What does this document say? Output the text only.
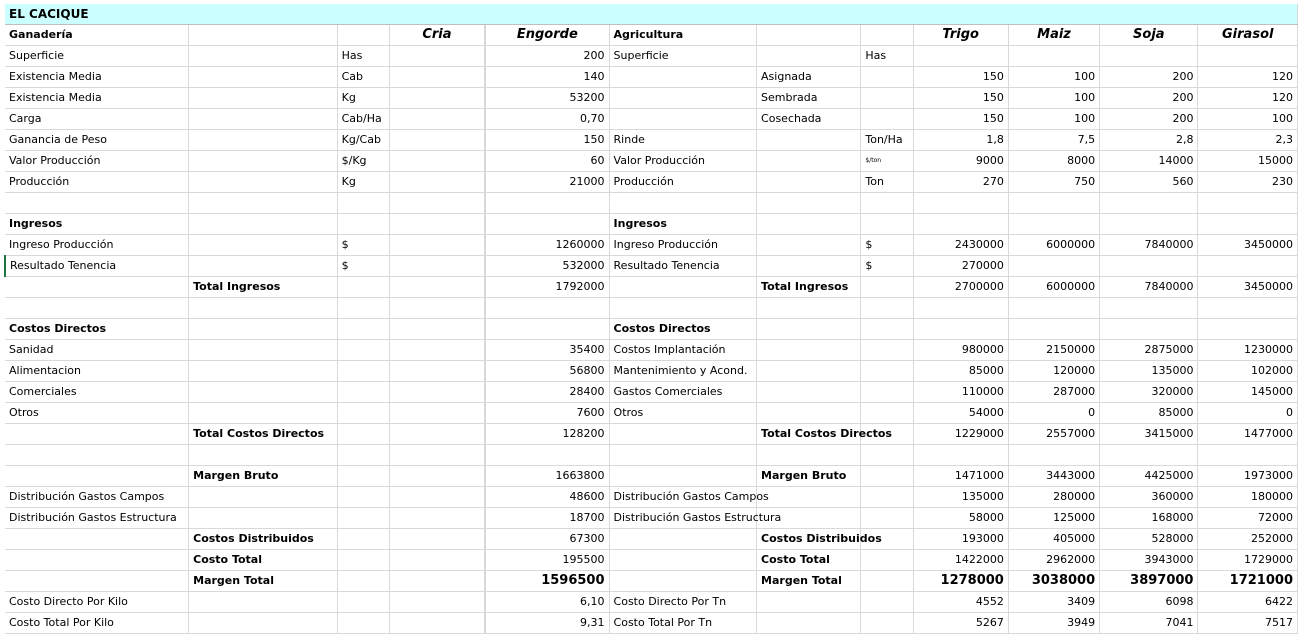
EL CACIQUE											
Ganadería			Cria		Engorde	Agricultura			Trigo	Maiz	Soja	Girasol
Superficie		Has			200	Superficie		Has				
Existencia Media		Cab			140		Asignada		150	100	200	120
Existencia Media		Kg			53200		Sembrada		150	100	200	120
Carga		Cab/Ha			0,70		Cosechada		150	100	200	100
Ganancia de Peso		Kg/Cab			150	Rinde		Ton/Ha	1,8	7,5	2,8	2,3
Valor Producción		$/Kg			60	Valor Producción		$/ton	9000	8000	14000	15000
Producción		Kg			21000	Producción		Ton	270	750	560	230

Ingresos						Ingresos						
Ingreso Producción		$			1260000	Ingreso Producción		$	2430000	6000000	7840000	3450000
Resultado Tenencia		$			532000	Resultado Tenencia		$	270000			
	Total Ingresos				1792000		Total Ingresos		2700000	6000000	7840000	3450000

Costos Directos						Costos Directos						
Sanidad					35400	Costos Implantación			980000	2150000	2875000	1230000
Alimentacion					56800	Mantenimiento y Acond.			85000	120000	135000	102000
Comerciales					28400	Gastos Comerciales			110000	287000	320000	145000
Otros					7600	Otros			54000	0	85000	0
	Total Costos Directos				128200		Total Costos Directos		1229000	2557000	3415000	1477000

	Margen Bruto				1663800		Margen Bruto		1471000	3443000	4425000	1973000
Distribución Gastos Campos					48600	Distribución Gastos Campos			135000	280000	360000	180000
Distribución Gastos Estructura					18700	Distribución Gastos Estructura			58000	125000	168000	72000
	Costos Distribuidos				67300		Costos Distribuidos		193000	405000	528000	252000
	Costo Total				195500		Costo Total		1422000	2962000	3943000	1729000
	Margen Total				1596500		Margen Total		1278000	3038000	3897000	1721000
Costo Directo Por Kilo					6,10	Costo Directo Por Tn			4552	3409	6098	6422
Costo Total Por Kilo					9,31	Costo Total Por Tn			5267	3949	7041	7517
